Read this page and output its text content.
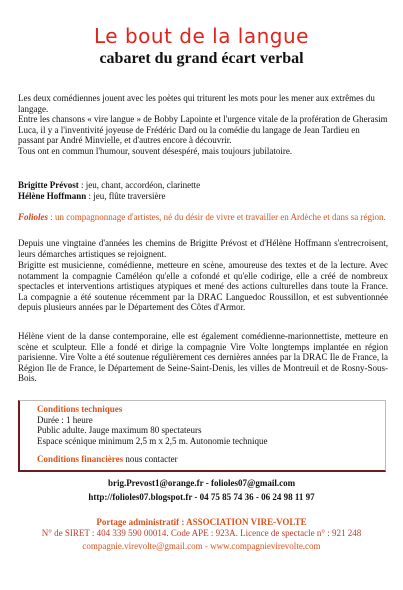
Le bout de la langue
cabaret du grand écart verbal
Les deux comédiennes jouent avec les poètes qui triturent les mots pour les mener aux extrêmes du langage.
Entre les chansons « vire langue » de Bobby Lapointe et l'urgence vitale de la profération de Gherasim Luca, il y a l'inventivité joyeuse de Frédéric Dard ou la comédie du langage de Jean Tardieu en passant par André Minvielle, et d'autres encore à découvrir.
Tous ont en commun l'humour, souvent désespéré, mais toujours jubilatoire.
Brigitte Prévost : jeu, chant, accordéon, clarinette
Hélène Hoffmann : jeu, flûte traversière
Folioles : un compagnonnage d'artistes, né du désir de vivre et travailler en Ardèche et dans sa région.
Depuis une vingtaine d'années les chemins de Brigitte Prévost et d'Hélène Hoffmann s'entrecroisent, leurs démarches artistiques se rejoignent.
Brigitte est musicienne, comédienne, metteure en scène, amoureuse des textes et de la lecture. Avec notamment la compagnie Caméléon qu'elle a cofondé et qu'elle codirige, elle a créé de nombreux spectacles et interventions artistiques atypiques et mené des actions culturelles dans toute la France. La compagnie a été soutenue récemment par la DRAC Languedoc Roussillon, et est subventionnée depuis plusieurs années par le Département des Côtes d'Armor.
Hélène vient de la danse contemporaine, elle est également comédienne-marionnettiste, metteure en scène et sculpteur. Elle a fondé et dirige la compagnie Vire Volte longtemps implantée en région parisienne. Vire Volte a été soutenue régulièrement ces dernières années par la DRAC Ile de France, la Région Ile de France, le Département de Seine-Saint-Denis, les villes de Montreuil et de Rosny-Sous-Bois.
Conditions techniques
Durée : 1 heure
Public adulte. Jauge maximum 80 spectateurs
Espace scénique minimum 2,5 m x 2,5 m. Autonomie technique
Conditions financières nous contacter
brig.Prevost1@orange.fr - folioles07@gmail.com
http://folioles07.blogspot.fr - 04 75 85 74 36 - 06 24 98 11 97
Portage administratif : ASSOCIATION VIRE-VOLTE
N° de SIRET : 404 339 590 00014. Code APE : 923A. Licence de spectacle n° : 921 248
compagnie.virevolte@gmail.com - www.compagnievirevolte.com
